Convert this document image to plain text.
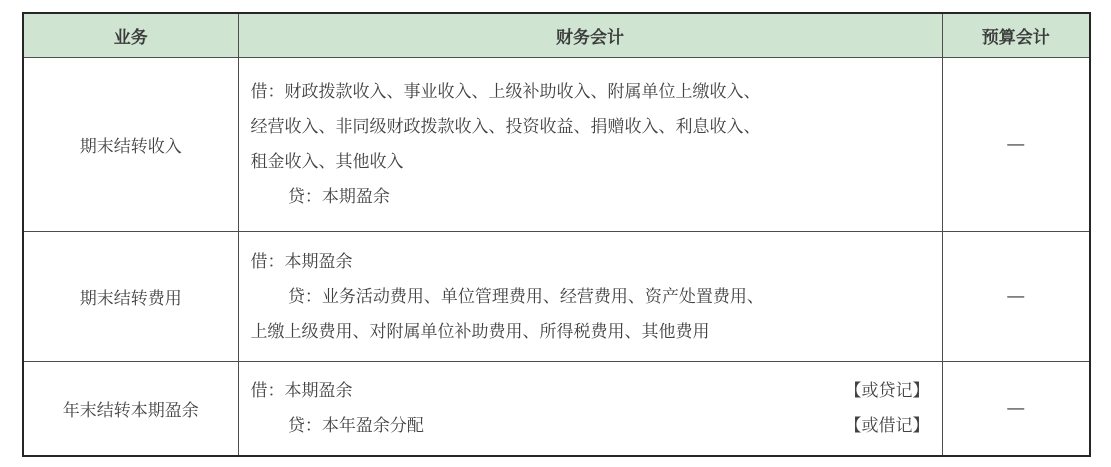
业务	财务会计	预算会计
期末结转收入	借：财政拨款收入、事业收入、上级补助收入、附属单位上缴收入、
经营收入、非同级财政拨款收入、投资收益、捐赠收入、利息收入、
租金收入、其他收入
贷：本期盈余	—
期末结转费用	借：本期盈余
贷：业务活动费用、单位管理费用、经营费用、资产处置费用、
上缴上级费用、对附属单位补助费用、所得税费用、其他费用	—
年末结转本期盈余	借：本期盈余 【或贷记】
贷：本年盈余分配 【或借记】	—
